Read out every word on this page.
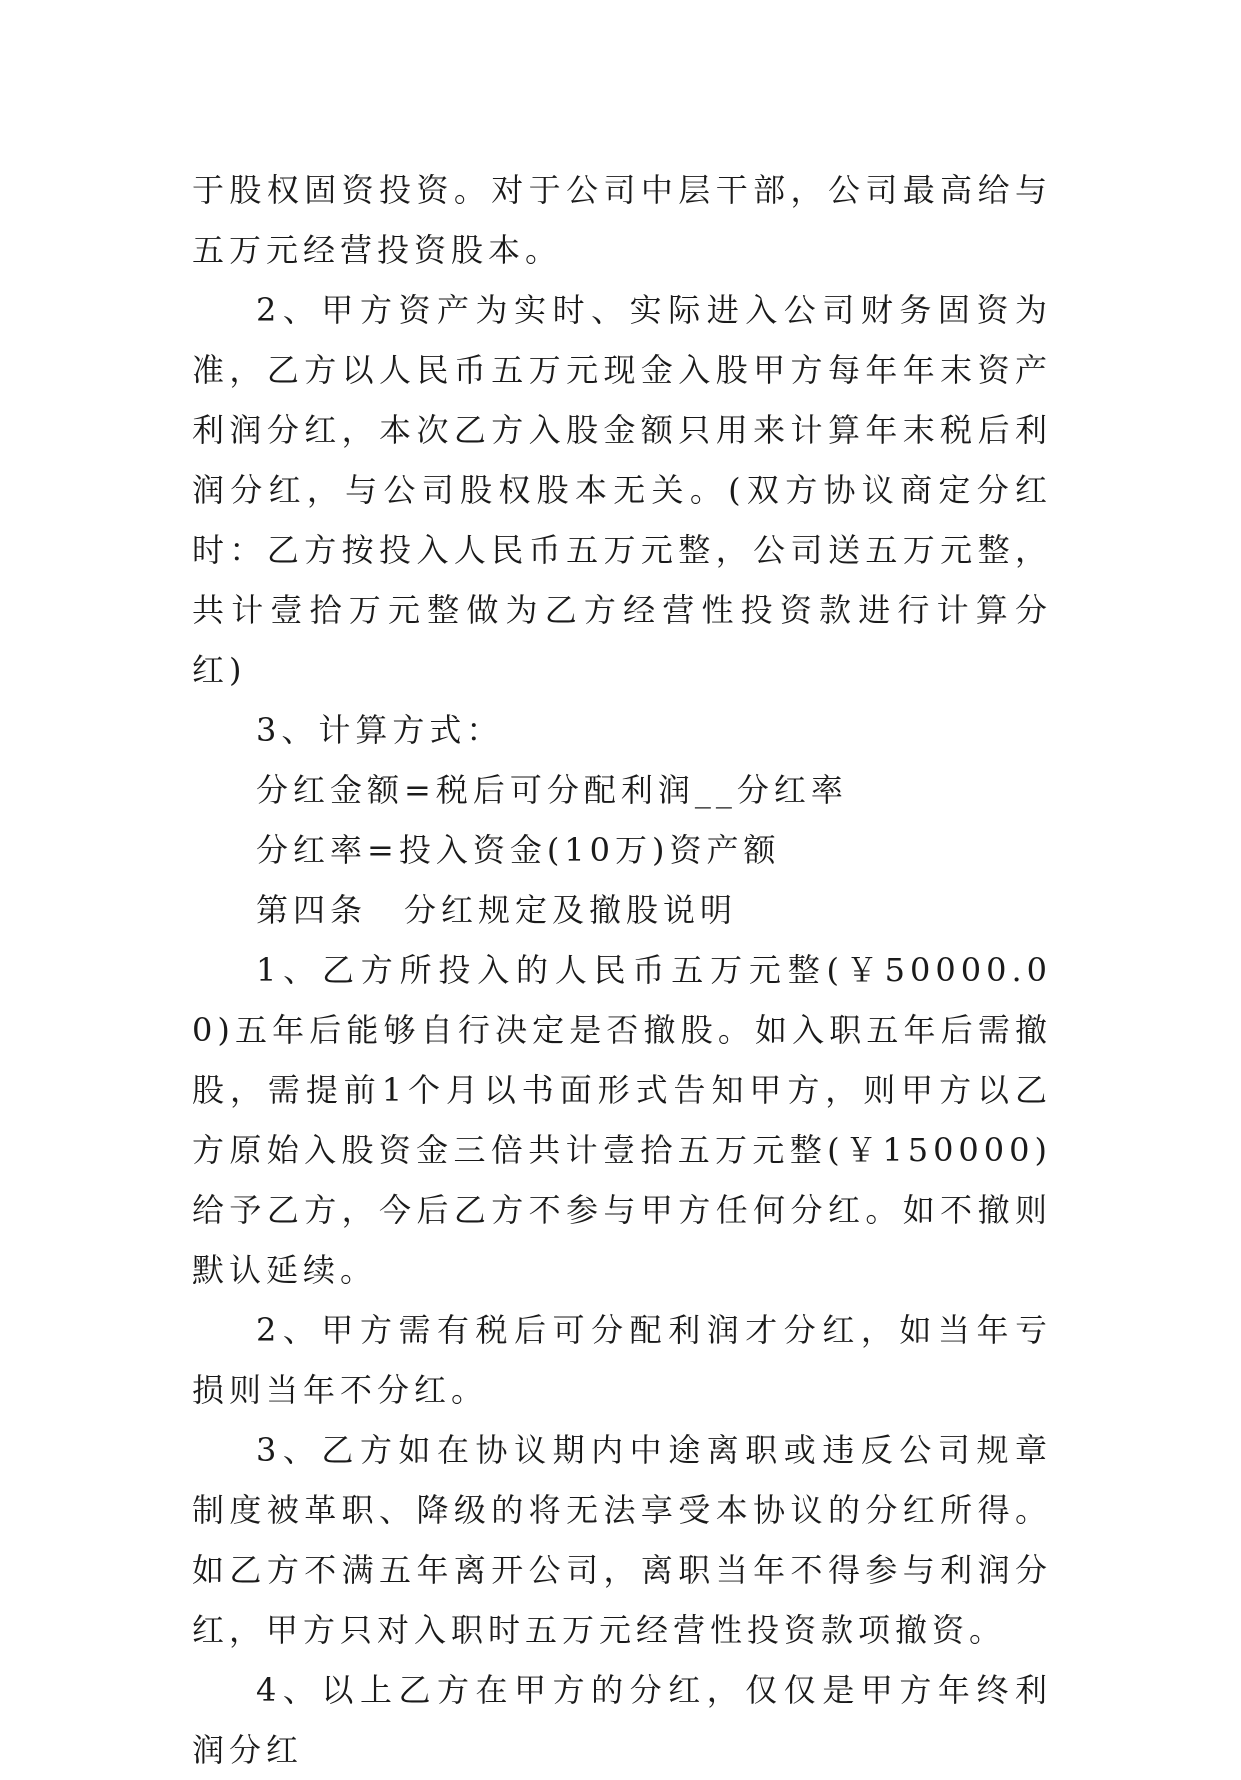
于股权固资投资。对于公司中层干部，公司最高给与五万元经营投资股本。

2、甲方资产为实时、实际进入公司财务固资为准，乙方以人民币五万元现金入股甲方每年年末资产利润分红，本次乙方入股金额只用来计算年末税后利润分红，与公司股权股本无关。(双方协议商定分红时：乙方按投入人民币五万元整，公司送五万元整，共计壹拾万元整做为乙方经营性投资款进行计算分红)

3、计算方式：

分红金额=税后可分配利润__分红率

分红率=投入资金(10万)资产额

第四条　分红规定及撤股说明

1、乙方所投入的人民币五万元整(￥50000.00)五年后能够自行决定是否撤股。如入职五年后需撤股，需提前1个月以书面形式告知甲方，则甲方以乙方原始入股资金三倍共计壹拾五万元整(￥150000)给予乙方，今后乙方不参与甲方任何分红。如不撤则默认延续。

2、甲方需有税后可分配利润才分红，如当年亏损则当年不分红。

3、乙方如在协议期内中途离职或违反公司规章制度被革职、降级的将无法享受本协议的分红所得。如乙方不满五年离开公司，离职当年不得参与利润分红，甲方只对入职时五万元经营性投资款项撤资。

4、以上乙方在甲方的分红，仅仅是甲方年终利润分红
